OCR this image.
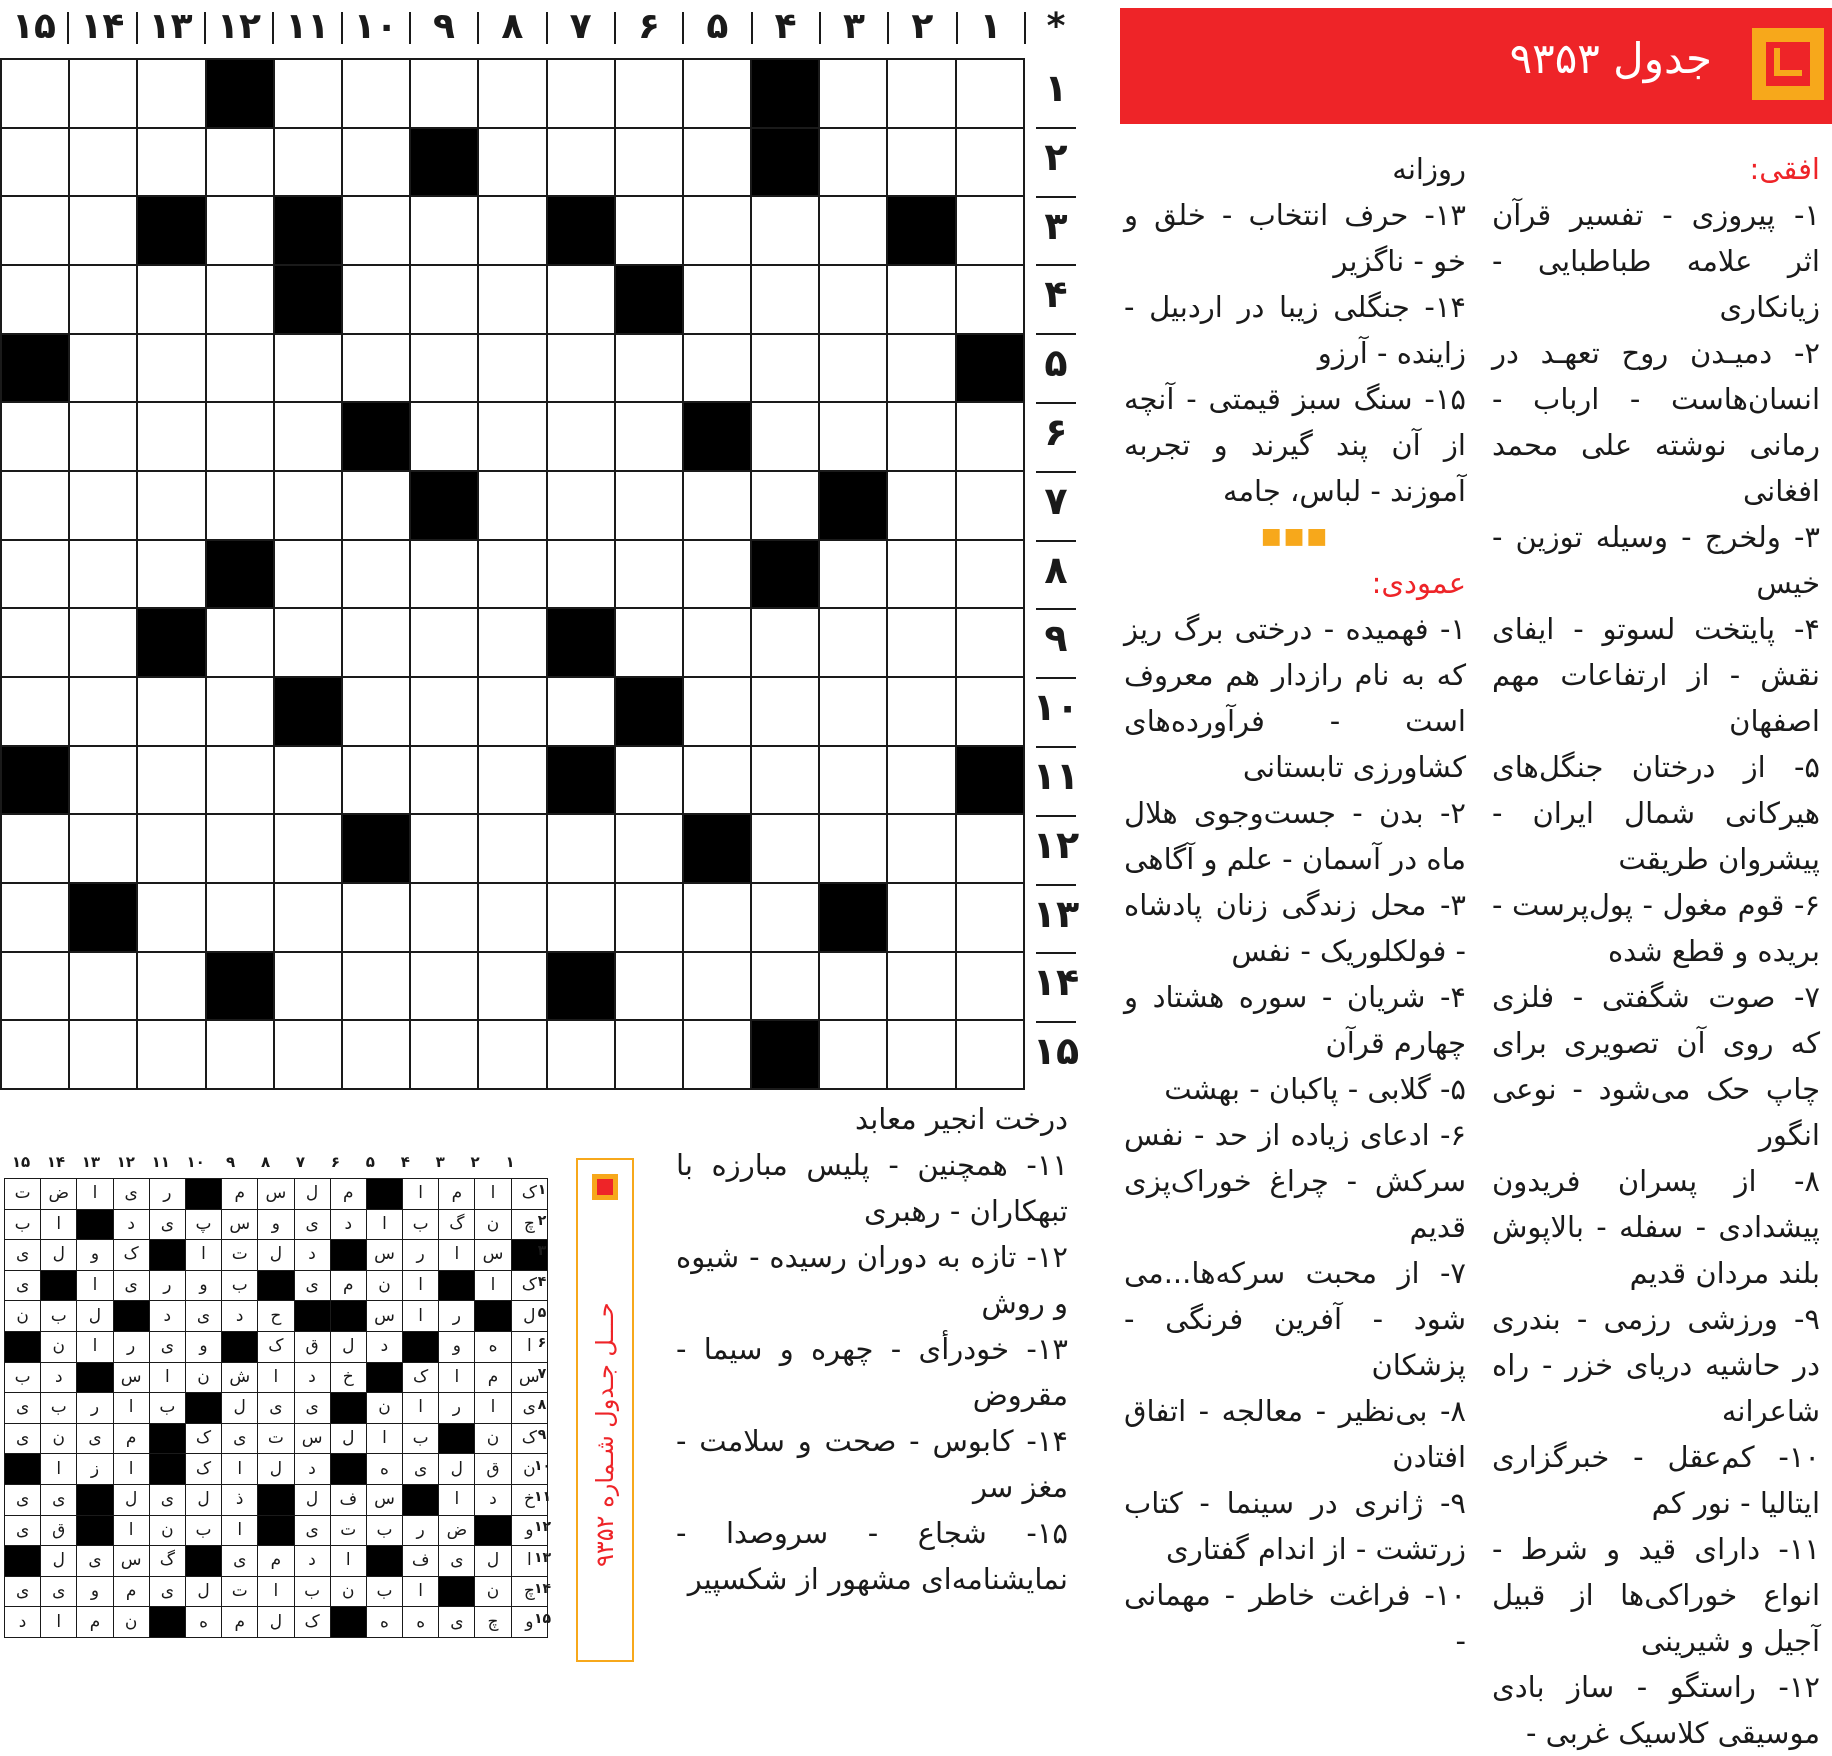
جدول ۹۳۵۳

افقی:

۱- پیروزی - تفسیر قرآن اثر علامه طباطبایی - زیانکاری

۲- دمیـدن روح تعهـد در انسان‌هاست - ارباب - رمانی نوشته علی محمد افغانی

۳- ولخرج - وسیله توزین - خیس

۴- پایتخت لسوتو - ایفای نقش - از ارتفاعات مهم اصفهان

۵- از درختان جنگل‌های هیرکانی شمال ایران - پیشروان طریقت

۶- قوم مغول - پول‌پرست - بریده و قطع شده

۷- صوت شگفتی - فلزی که روی آن تصویری برای چاپ حک می‌شود - نوعی انگور

۸- از پسران فریدون پیشدادی - سفله - بالاپوش بلند مردان قدیم

۹- ورزشی رزمی - بندری در حاشیه دریای خزر - راه شاعرانه

۱۰- کم‌عقل - خبرگزاری ایتالیا - نور کم

۱۱- دارای قید و شرط - انواع خوراکی‌ها از قبیل آجیل و شیرینی

۱۲- راستگو - ساز بادی موسیقی کلاسیک غربی -

روزانه

۱۳- حرف انتخاب - خلق و خو - ناگزیر

۱۴- جنگلی زیبا در اردبیل - زاینده - آرزو

۱۵- سنگ سبز قیمتی - آنچه از آن پند گیرند و تجربه آموزند - لباس، جامه

■■■

عمودی:

۱- فهمیده - درختی برگ ریز که به نام رازدار هم معروف است - فرآورده‌های کشاورزی تابستانی

۲- بدن - جست‌وجوی هلال ماه در آسمان - علم و آگاهی

۳- محل زندگی زنان پادشاه - فولکلوریک - نفس

۴- شریان - سوره هشتاد و چهارم قرآن

۵- گلابی - پاکبان - بهشت

۶- ادعای زیاده از حد - نفس سرکش - چراغ خوراک‌پزی قدیم

۷- از محبت سرکه‌ها...می شود - آفرین فرنگی - پزشکان

۸- بی‌نظیر - معالجه - اتفاق افتادن

۹- ژانری در سینما - کتاب زرتشت - از اندام گفتاری

۱۰- فراغت خاطر - مهمانی -

درخت انجیر معابد

۱۱- همچنین - پلیس مبارزه با تبهکاران - رهبری

۱۲- تازه به دوران رسیده - شیوه و روش

۱۳- خودرأی - چهره و سیما - مقروض

۱۴- کابوس - صحت و سلامت - مغز سر

۱۵- شجاع - سروصدا - نمایشنامه‌ای مشهور از شکسپیر

۱
۲
۳
۴
۵
۶
۷
۸
۹
۱۰
۱۱
۱۲
۱۳
۱۴
۱۵	*

۱
۲
۳
۴
۵
۶
۷
۸
۹
۱۰
۱۱
۱۲
۱۳
۱۴
۱۵
۱
۲
۳
۴
۵
۶
۷
۸
۹
۱۰
۱۱
۱۲
۱۳
۱۴
۱۵
ت	ض	ا	ی	ر		م	س	ل	م		ا	م	ا	ک
ب	ا		د	ی	پ	س	و	ی	د	ا	ب	گ	ن	چ
ی	ل	و	ک		ا	ت	ل	د		س	ر	ا	س	
ی		ا	ی	ر	و	ب		ی	م	ن	ا		ا	ک
ن	ب	ل		د	ی	د	ح			س	ا	ر		ل
	ن	ا	ر	ی	و		ک	ق	ل	د		و	ه	ا
ب	د		س	ا	ن	ش	ا	د	خ		ک	ا	م	س
ی	ب	ر	ا	ب		ل	ی	ی		ن	ا	ر	ا	ی
ی	ن	ی	م		ک	ی	ت	س	ل	ا	ب		ن	ک
	ا	ز	ا		ک	ا	ل	د		ه	ی	ل	ق	ن
ی	ی		ل	ی	ل	ذ		ل	ف	س		ا	د	خ
ی	ق		ا	ن	ب	ا		ی	ت	ب	ر	ض		و
	ل	ی	س	گ		ی	م	د	ا		ف	ی	ل	ا
ی	ی	و	م	ی	ل	ت	ا	ب	ن	ب	ا		ن	چ
د	ا	م	ن		ه	م	ل	ک		ه	ه	ی	چ	و
۱
۲
۳
۴
۵
۶
۷
۸
۹
۱۰
۱۱
۱۲
۱۳
۱۴
۱۵
حـــل جـدول شـماره ۹۳۵۲
